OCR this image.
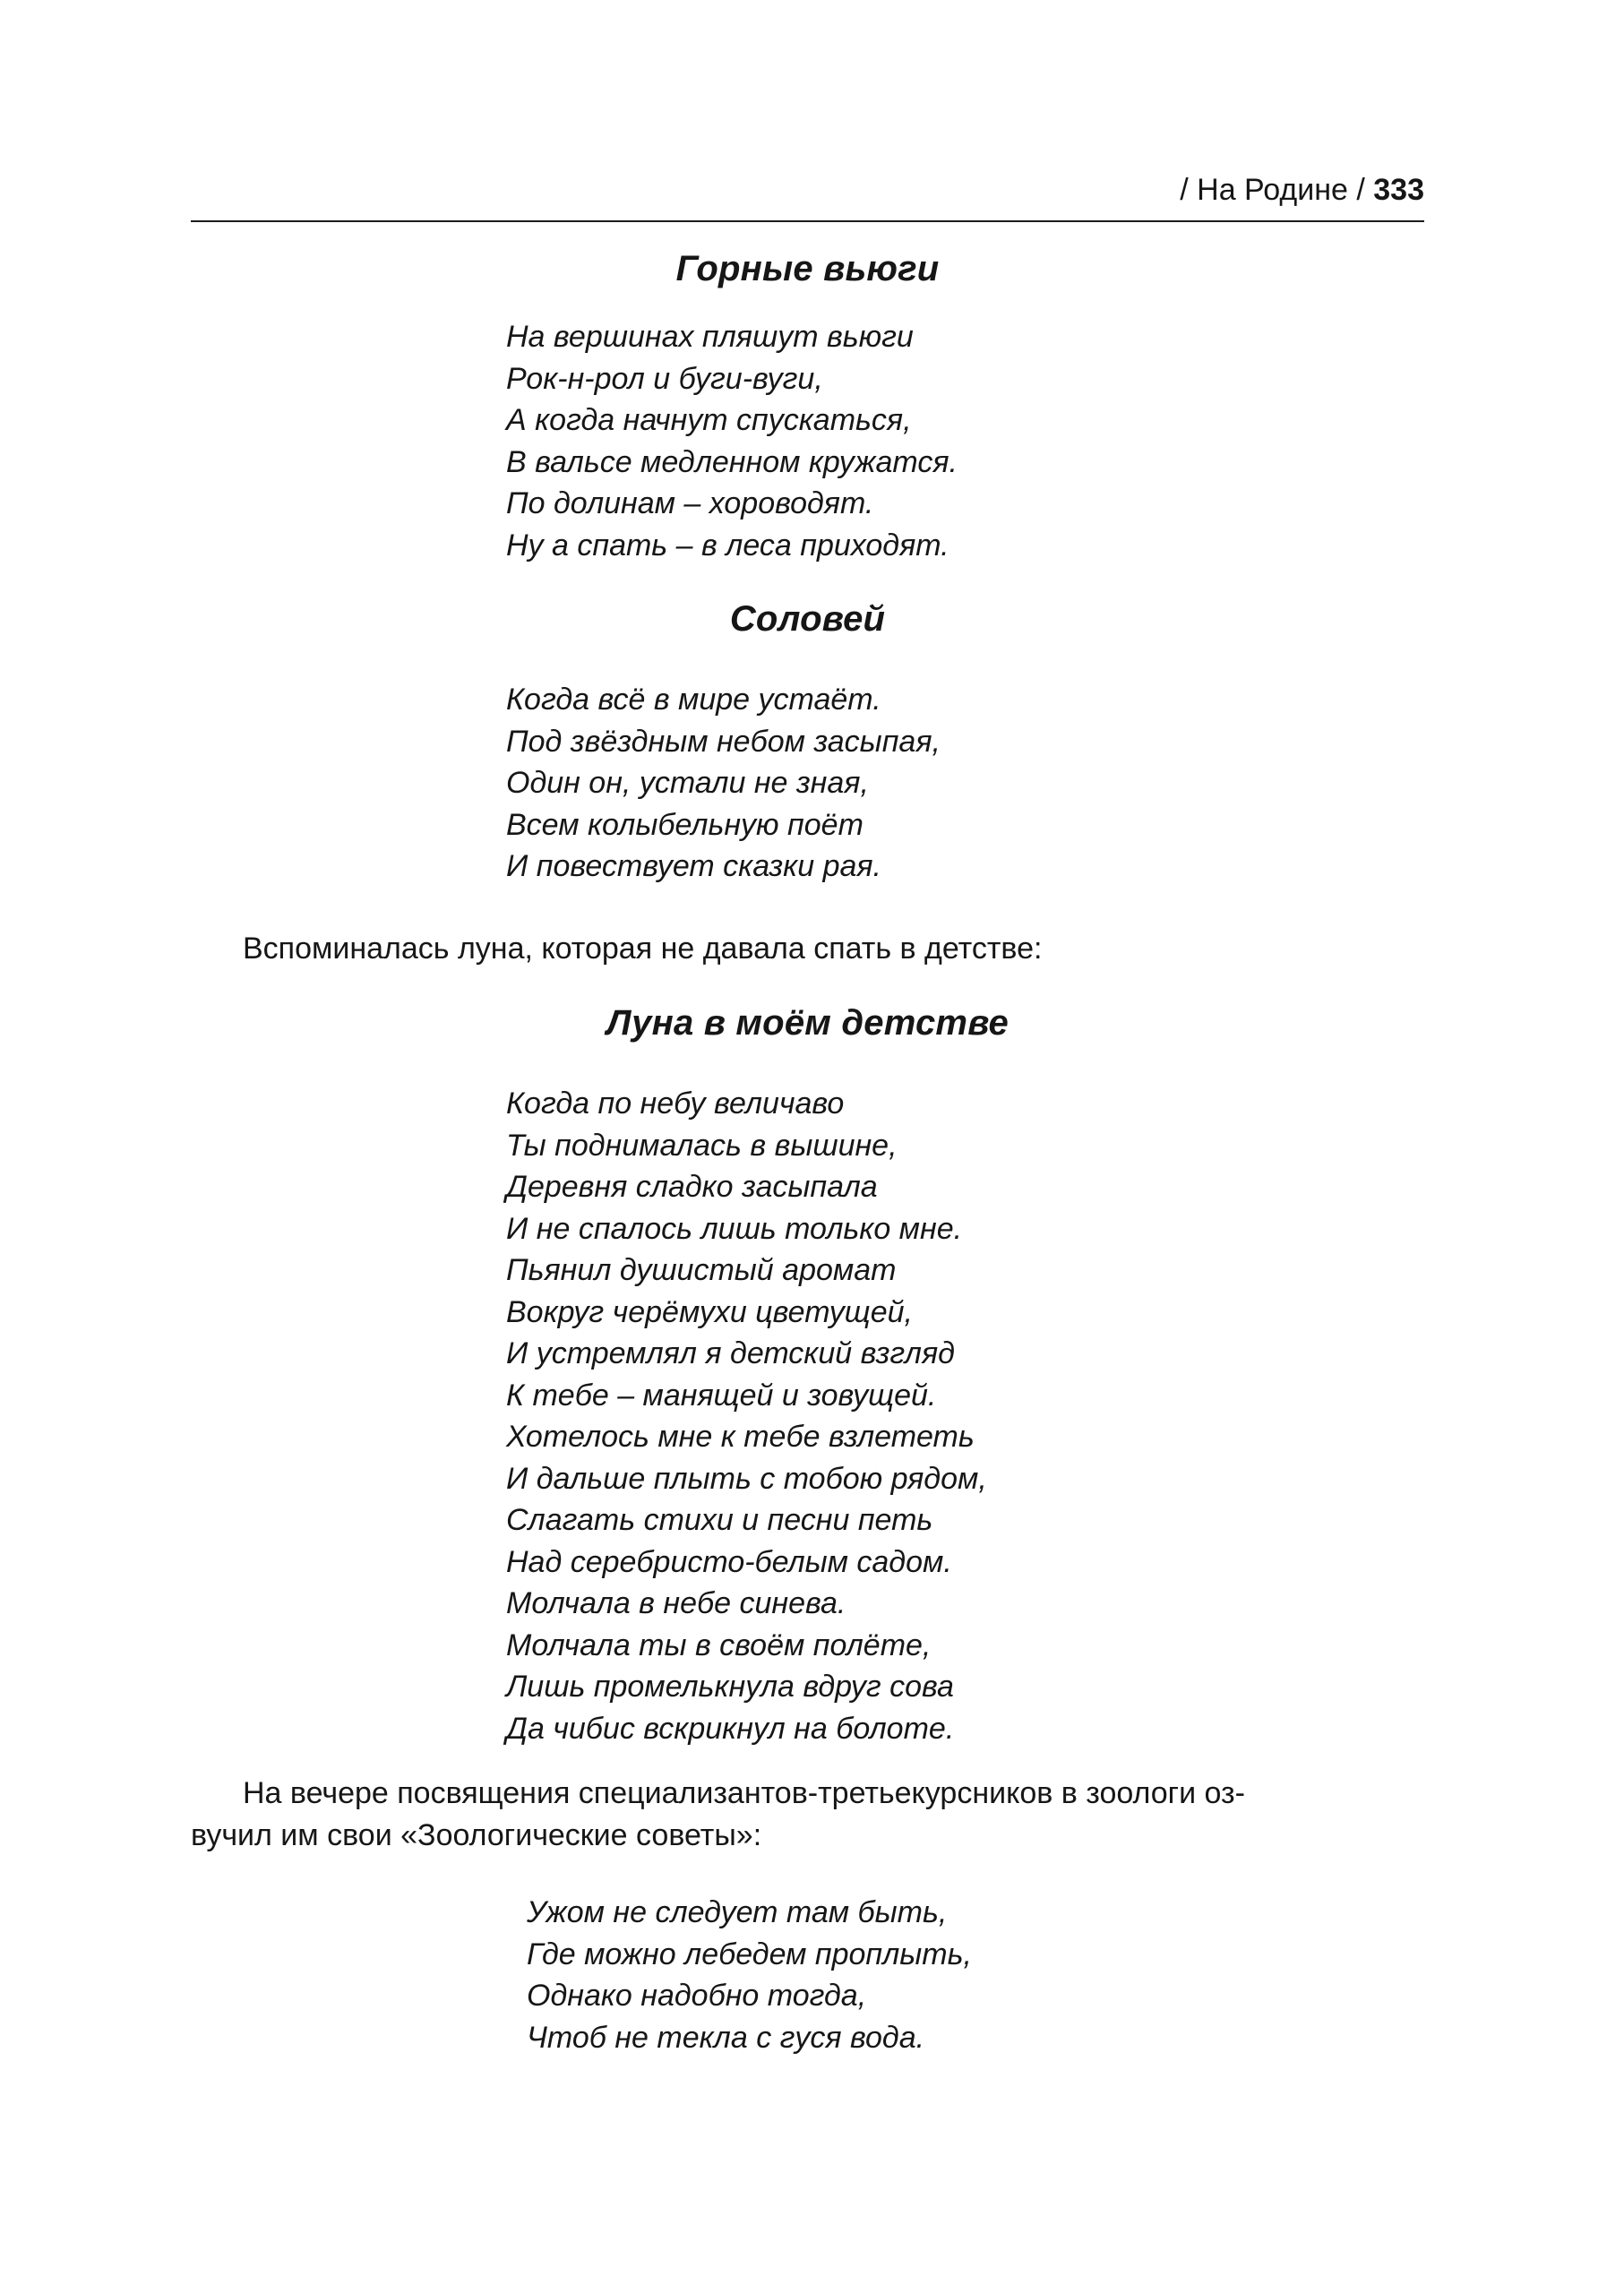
/ На Родине / 333
Горные вьюги
На вершинах пляшут вьюги
Рок-н-рол и буги-вуги,
А когда начнут спускаться,
В вальсе медленном кружатся.
По долинам – хороводят.
Ну а спать – в леса приходят.
Соловей
Когда всё в мире устаёт.
Под звёздным небом засыпая,
Один он, устали не зная,
Всем колыбельную поёт
И повествует сказки рая.
Вспоминалась луна, которая не давала спать в детстве:
Луна в моём детстве
Когда по небу величаво
Ты поднималась в вышине,
Деревня сладко засыпала
И не спалось лишь только мне.
Пьянил душистый аромат
Вокруг черёмухи цветущей,
И устремлял я детский взгляд
К тебе – манящей и зовущей.
Хотелось мне к тебе взлететь
И дальше плыть с тобою рядом,
Слагать стихи и песни петь
Над серебристо-белым садом.
Молчала в небе синева.
Молчала ты в своём полёте,
Лишь промелькнула вдруг сова
Да чибис вскрикнул на болоте.
На вечере посвящения специализантов-третьекурсников в зоологи оз-
вучил им свои «Зоологические советы»:
Ужом не следует там быть,
Где можно лебедем проплыть,
Однако надобно тогда,
Чтоб не текла с гуся вода.
